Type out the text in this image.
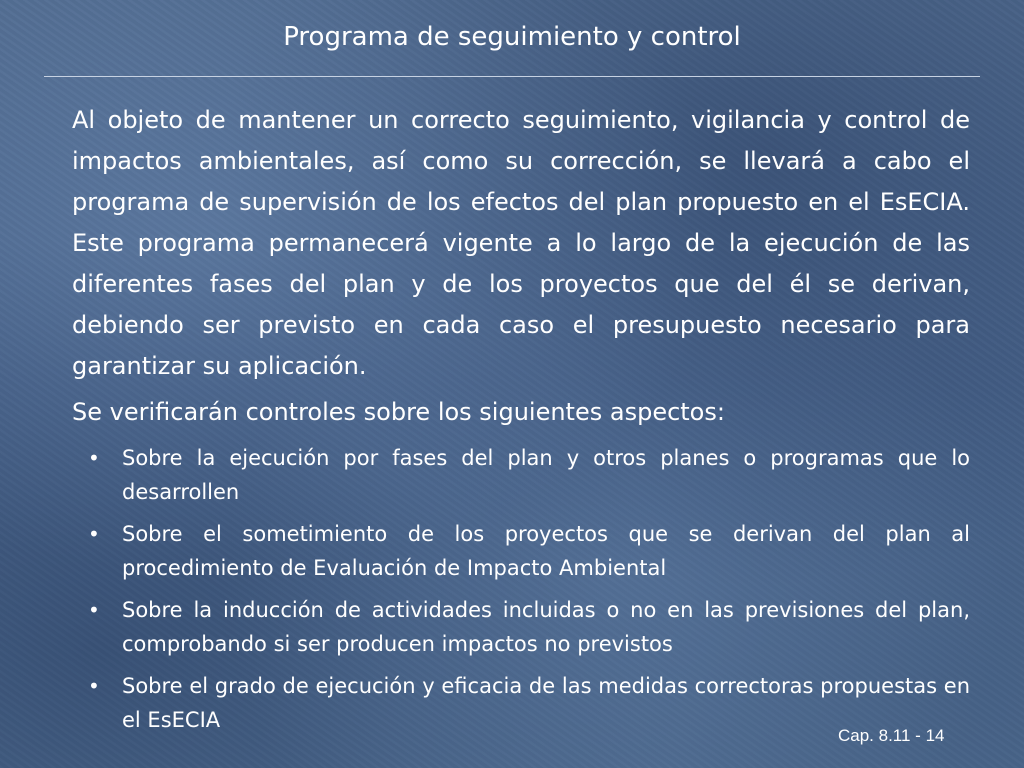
Programa de seguimiento y control

Al objeto de mantener un correcto seguimiento, vigilancia y control de impactos ambientales, así como su corrección, se llevará a cabo el programa de supervisión de los efectos del plan propuesto en el EsECIA. Este programa permanecerá vigente a lo largo de la ejecución de las diferentes fases del plan y de los proyectos que del él se derivan, debiendo ser previsto en cada caso el presupuesto necesario para garantizar su aplicación.

Se verificarán controles sobre los siguientes aspectos:

• Sobre la ejecución por fases del plan y otros planes o programas que lo desarrollen
• Sobre el sometimiento de los proyectos que se derivan del plan al procedimiento de Evaluación de Impacto Ambiental
• Sobre la inducción de actividades incluidas o no en las previsiones del plan, comprobando si ser producen impactos no previstos
• Sobre el grado de ejecución y eficacia de las medidas correctoras propuestas en el EsECIA
Cap. 8.11 - 14
